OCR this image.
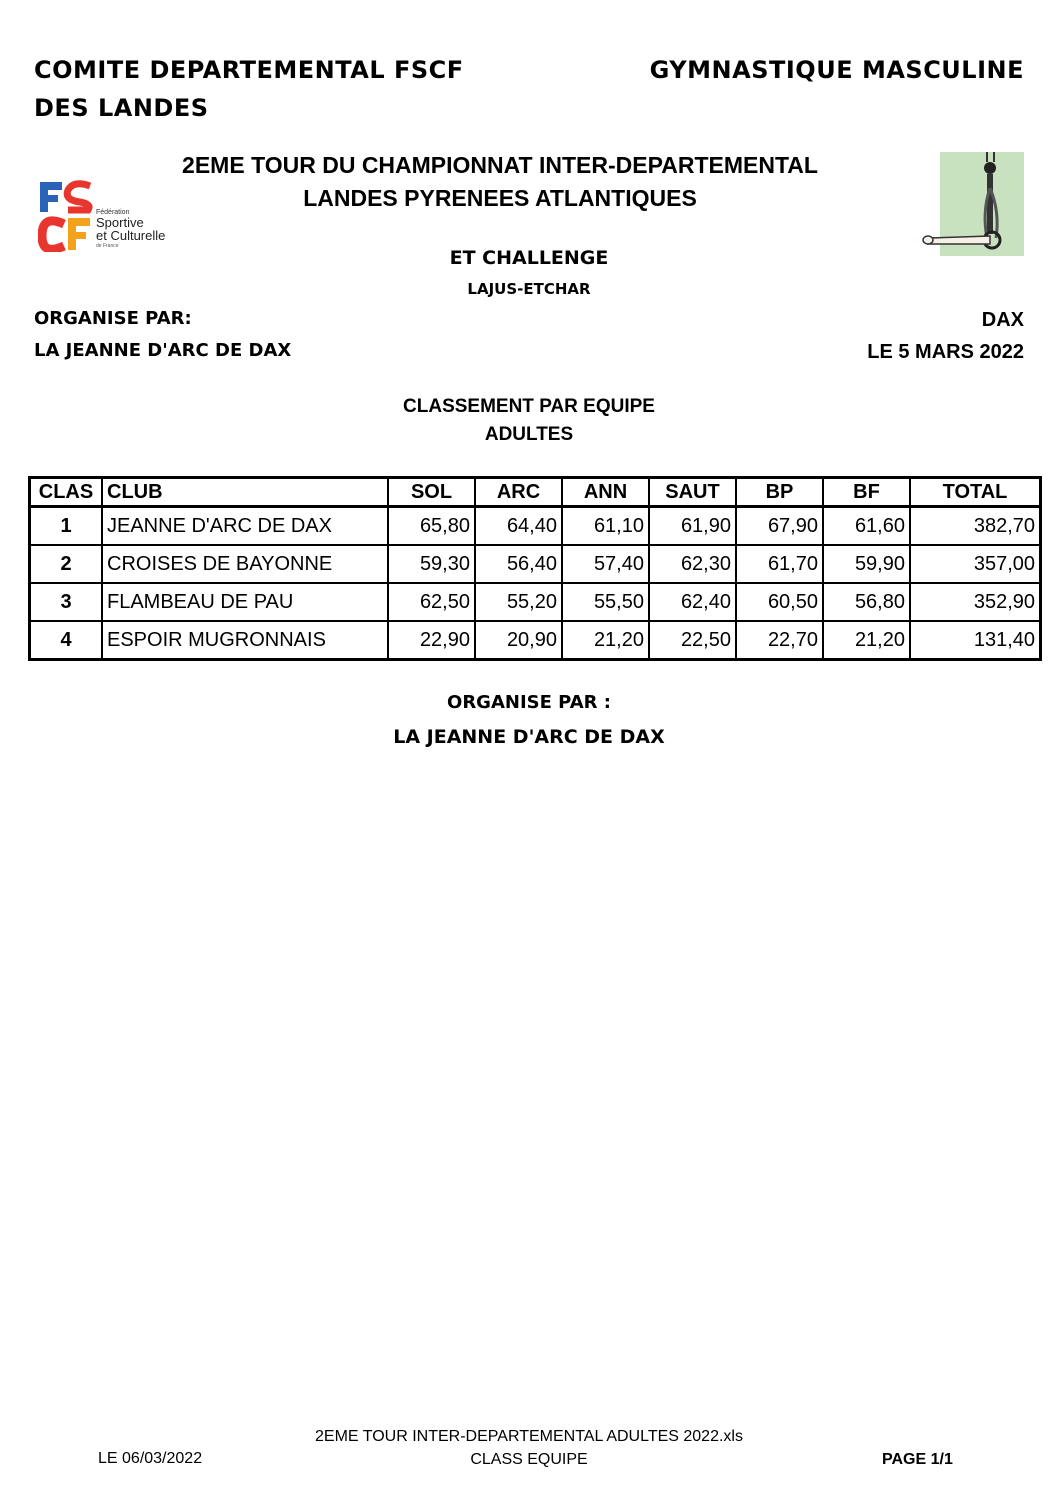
COMITE DEPARTEMENTAL FSCF
DES LANDES
GYMNASTIQUE MASCULINE
2EME TOUR DU CHAMPIONNAT INTER-DEPARTEMENTAL
LANDES PYRENEES ATLANTIQUES
Fédération
Sportive
et Culturelle
de France
ET CHALLENGE
LAJUS-ETCHAR
ORGANISE PAR:
LA JEANNE D'ARC DE DAX
DAX
LE 5 MARS 2022
CLASSEMENT PAR EQUIPE
ADULTES
CLAS	CLUB	SOL	ARC	ANN	SAUT	BP	BF	TOTAL
1	JEANNE D'ARC DE DAX	65,80	64,40	61,10	61,90	67,90	61,60	382,70
2	CROISES DE BAYONNE	59,30	56,40	57,40	62,30	61,70	59,90	357,00
3	FLAMBEAU DE PAU	62,50	55,20	55,50	62,40	60,50	56,80	352,90
4	ESPOIR MUGRONNAIS	22,90	20,90	21,20	22,50	22,70	21,20	131,40
ORGANISE PAR :
LA JEANNE D'ARC DE DAX
2EME TOUR INTER-DEPARTEMENTAL ADULTES 2022.xls
CLASS EQUIPE
LE 06/03/2022	PAGE 1/1
